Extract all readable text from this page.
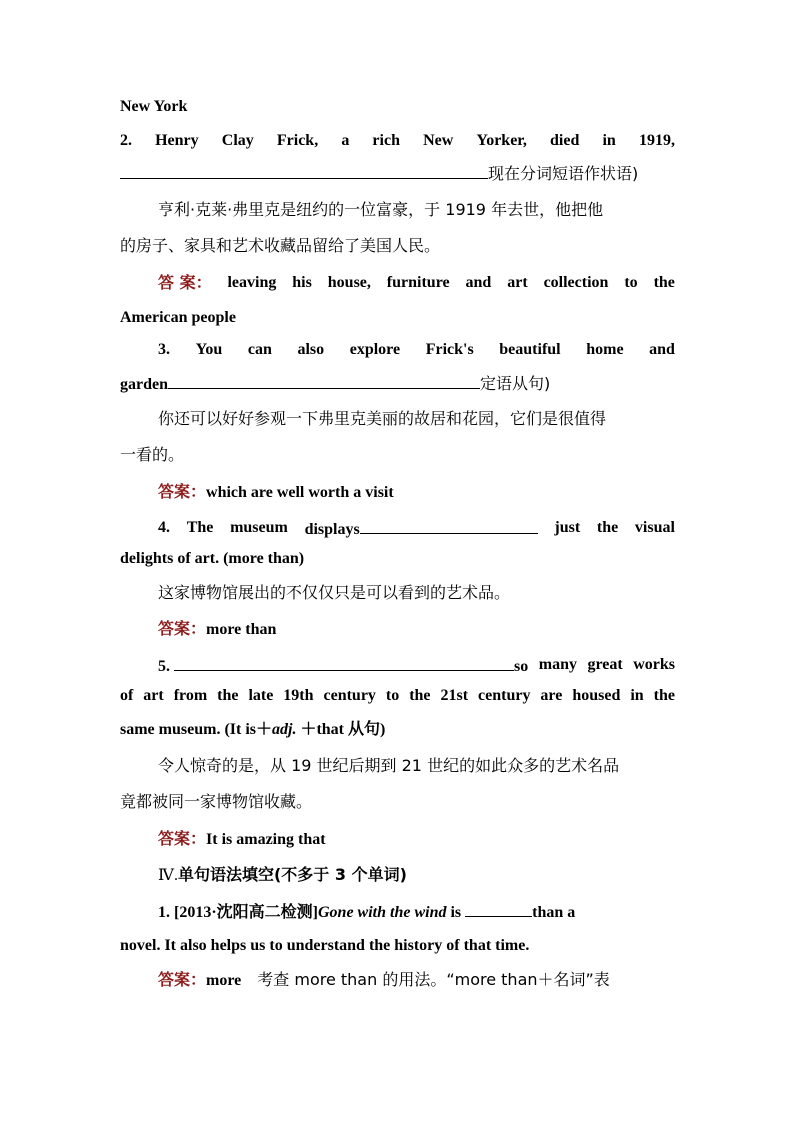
New York
2. Henry Clay Frick, a rich New Yorker, died in 1919,
现在分词短语作状语)
亨利·克莱·弗里克是纽约的一位富豪，于 1919 年去世，他把他
的房子、家具和艺术收藏品留给了美国人民。
答 案： leaving his house, furniture and art collection to the
American people
3. You can also explore Frick's beautiful home and
garden	定语从句)
你还可以好好参观一下弗里克美丽的故居和花园，它们是很值得
一看的。
答案：which are well worth a visit
4. The museum displays	just the visual
delights of art. (more than)
这家博物馆展出的不仅仅只是可以看到的艺术品。
答案：more than
5.	so many great works
of art from the late 19th century to the 21st century are housed in the
same museum. (It is＋adj. ＋that 从句)
令人惊奇的是，从 19 世纪后期到 21 世纪的如此众多的艺术名品
竟都被同一家博物馆收藏。
答案：It is amazing that
Ⅳ.单句语法填空(不多于 3 个单词)
1. [2013·沈阳高二检测]Gone with the wind is	than a
novel. It also helps us to understand the history of that time.
答案：more 考查 more than 的用法。“more than＋名词”表
